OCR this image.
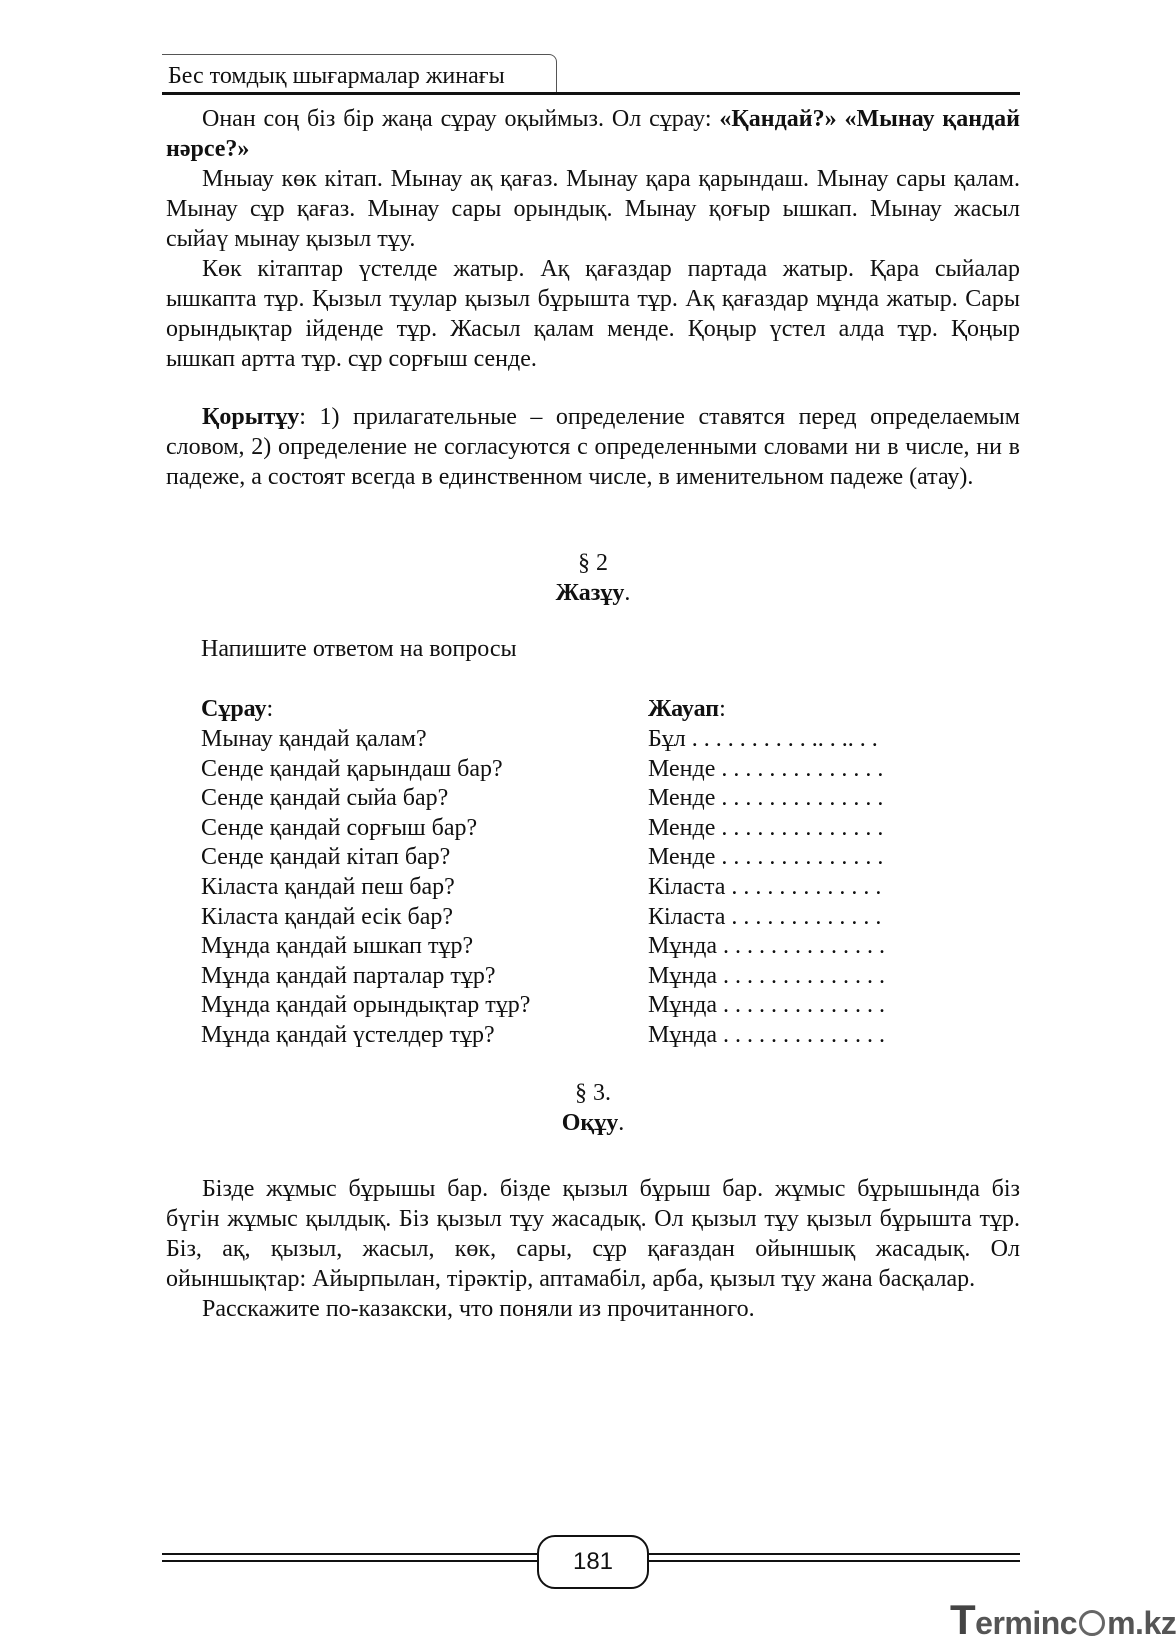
Бес томдық шығармалар жинағы

Онан соң біз бір жаңа сұрау оқыймыз. Ол сұрау: «Қандай?» «Мынау қандай нәрсе?»

Мныау көк кітап. Мынау ақ қағаз. Мынау қара қарындаш. Мынау сары қалам. Мынау сұр қағаз. Мынау сары орындық. Мынау қоғыр ышкап. Мынау жасыл сыйаү мынау қызыл тұу.

Көк кітаптар үстелде жатыр. Ақ қағаздар партада жатыр. Қара сыйалар ышкапта тұр. Қызыл тұулар қызыл бұрышта тұр. Ақ қағаздар мұнда жатыр. Сары орындықтар ійденде тұр. Жасыл қалам менде. Қоңыр үстел алда тұр. Қоңыр ышкап артта тұр. сұр сорғыш сенде.

Қорытұу: 1) прилагательные – определение ставятся перед определаемым словом, 2) определение не согласуются с определенными словами ни в числе, ни в падеже, а состоят всегда в единственном числе, в именительном падеже (атау).

§ 2
Жазұу.
Напишите ответом на вопросы
Сұрау:	Жауап:
Мынау қандай қалам?	Бұл . . . . . . . . . . .. . .. . .
Сенде қандай қарындаш бар?	Менде . . . . . . . . . . . . . .
Сенде қандай сыйа бар?	Менде . . . . . . . . . . . . . .
Сенде қандай сорғыш бар?	Менде . . . . . . . . . . . . . .
Сенде қандай кітап бар?	Менде . . . . . . . . . . . . . .
Кіласта қандай пеш бар?	Кіласта . . . . . . . . . . . . .
Кіласта қандай есік бар?	Кіласта . . . . . . . . . . . . .
Мұнда қандай ышкап тұр?	Мұнда . . . . . . . . . . . . . .
Мұнда қандай парталар тұр?	Мұнда . . . . . . . . . . . . . .
Мұнда қандай орындықтар тұр?	Мұнда . . . . . . . . . . . . . .
Мұнда қандай үстелдер тұр?	Мұнда . . . . . . . . . . . . . .
§ 3.
Оқұу.

Бізде жұмыс бұрышы бар. бізде қызыл бұрыш бар. жұмыс бұрышында біз бүгін жұмыс қылдық. Біз қызыл тұу жасадық. Ол қызыл тұу қызыл бұрышта тұр. Біз, ақ, қызыл, жасыл, көк, сары, сұр қағаздан ойыншық жасадық. Ол ойыншықтар: Айырпылан, тірәктір, аптамабіл, арба, қызыл тұу жана басқалар.

Расскажите по-казакски, что поняли из прочитанного.

181
Terminc m.kz
